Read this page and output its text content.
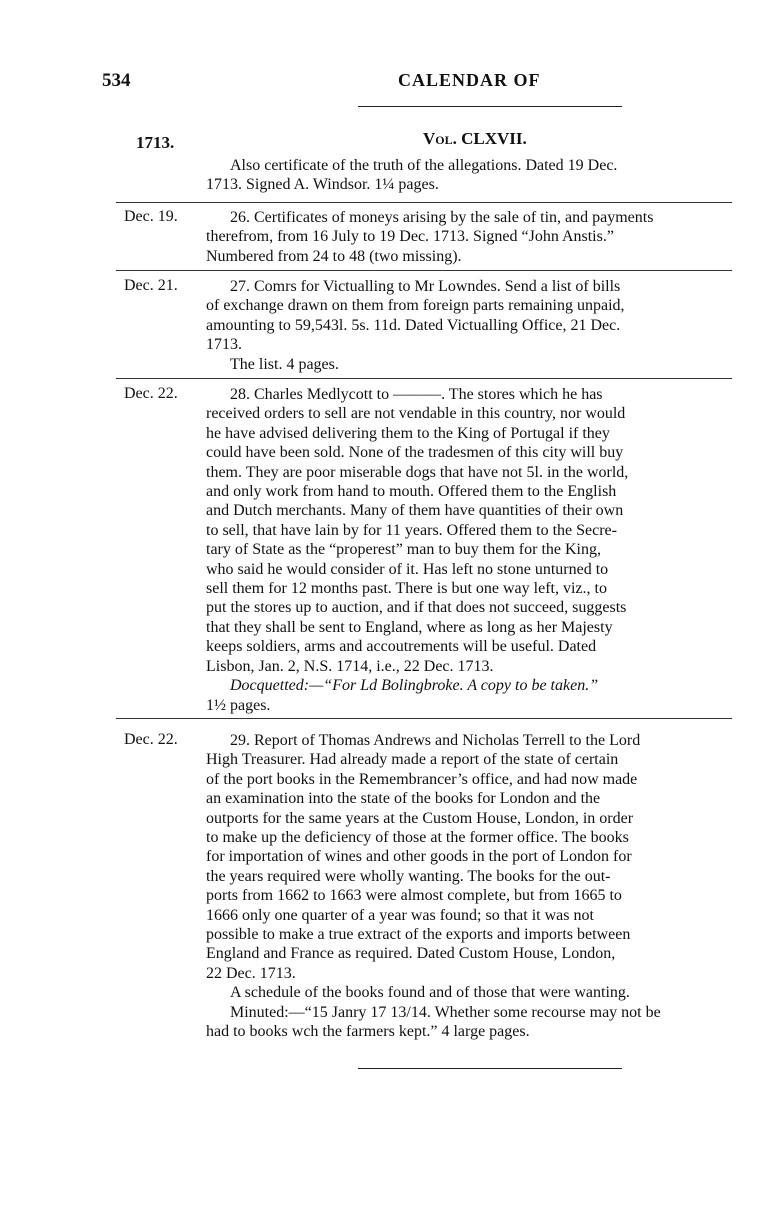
534	CALENDAR OF
1713.	Vol. CLXVII.
Also certificate of the truth of the allegations. Dated 19 Dec.
1713. Signed A. Windsor. 1¼ pages.
Dec. 19.	26. Certificates of moneys arising by the sale of tin, and payments
therefrom, from 16 July to 19 Dec. 1713. Signed “John Anstis.”
Numbered from 24 to 48 (two missing).
Dec. 21.	27. Comrs for Victualling to Mr Lowndes. Send a list of bills
of exchange drawn on them from foreign parts remaining unpaid,
amounting to 59,543l. 5s. 11d. Dated Victualling Office, 21 Dec.
1713.
The list. 4 pages.
Dec. 22.	28. Charles Medlycott to ———. The stores which he has
received orders to sell are not vendable in this country, nor would
he have advised delivering them to the King of Portugal if they
could have been sold. None of the tradesmen of this city will buy
them. They are poor miserable dogs that have not 5l. in the world,
and only work from hand to mouth. Offered them to the English
and Dutch merchants. Many of them have quantities of their own
to sell, that have lain by for 11 years. Offered them to the Secre-
tary of State as the “properest” man to buy them for the King,
who said he would consider of it. Has left no stone unturned to
sell them for 12 months past. There is but one way left, viz., to
put the stores up to auction, and if that does not succeed, suggests
that they shall be sent to England, where as long as her Majesty
keeps soldiers, arms and accoutrements will be useful. Dated
Lisbon, Jan. 2, N.S. 1714, i.e., 22 Dec. 1713.
Docquetted:—“For Ld Bolingbroke. A copy to be taken.”
1½ pages.
Dec. 22.	29. Report of Thomas Andrews and Nicholas Terrell to the Lord
High Treasurer. Had already made a report of the state of certain
of the port books in the Remembrancer’s office, and had now made
an examination into the state of the books for London and the
outports for the same years at the Custom House, London, in order
to make up the deficiency of those at the former office. The books
for importation of wines and other goods in the port of London for
the years required were wholly wanting. The books for the out-
ports from 1662 to 1663 were almost complete, but from 1665 to
1666 only one quarter of a year was found; so that it was not
possible to make a true extract of the exports and imports between
England and France as required. Dated Custom House, London,
22 Dec. 1713.
A schedule of the books found and of those that were wanting.
Minuted:—“15 Janry 17 13/14. Whether some recourse may not be
had to books wch the farmers kept.” 4 large pages.
